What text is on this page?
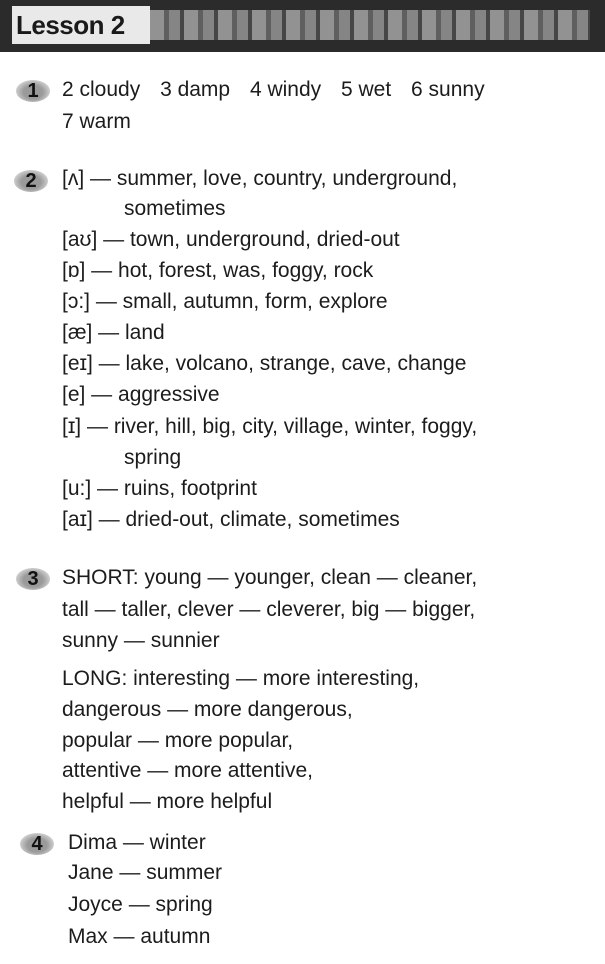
Lesson 2
1	2 cloudy 3 damp 4 windy 5 wet 6 sunny
7 warm
2	[ʌ] — summer, love, country, underground,
sometimes
[aʊ] — town, underground, dried-out
[ɒ] — hot, forest, was, foggy, rock
[ɔ:] — small, autumn, form, explore
[æ] — land
[eɪ] — lake, volcano, strange, cave, change
[e] — aggressive
[ɪ] — river, hill, big, city, village, winter, foggy,
spring
[u:] — ruins, footprint
[aɪ] — dried-out, climate, sometimes
3	SHORT: young — younger, clean — cleaner,
tall — taller, clever — cleverer, big — bigger,
sunny — sunnier
LONG: interesting — more interesting,
dangerous — more dangerous,
popular — more popular,
attentive — more attentive,
helpful — more helpful
4	Dima — winter
Jane — summer
Joyce — spring
Max — autumn
